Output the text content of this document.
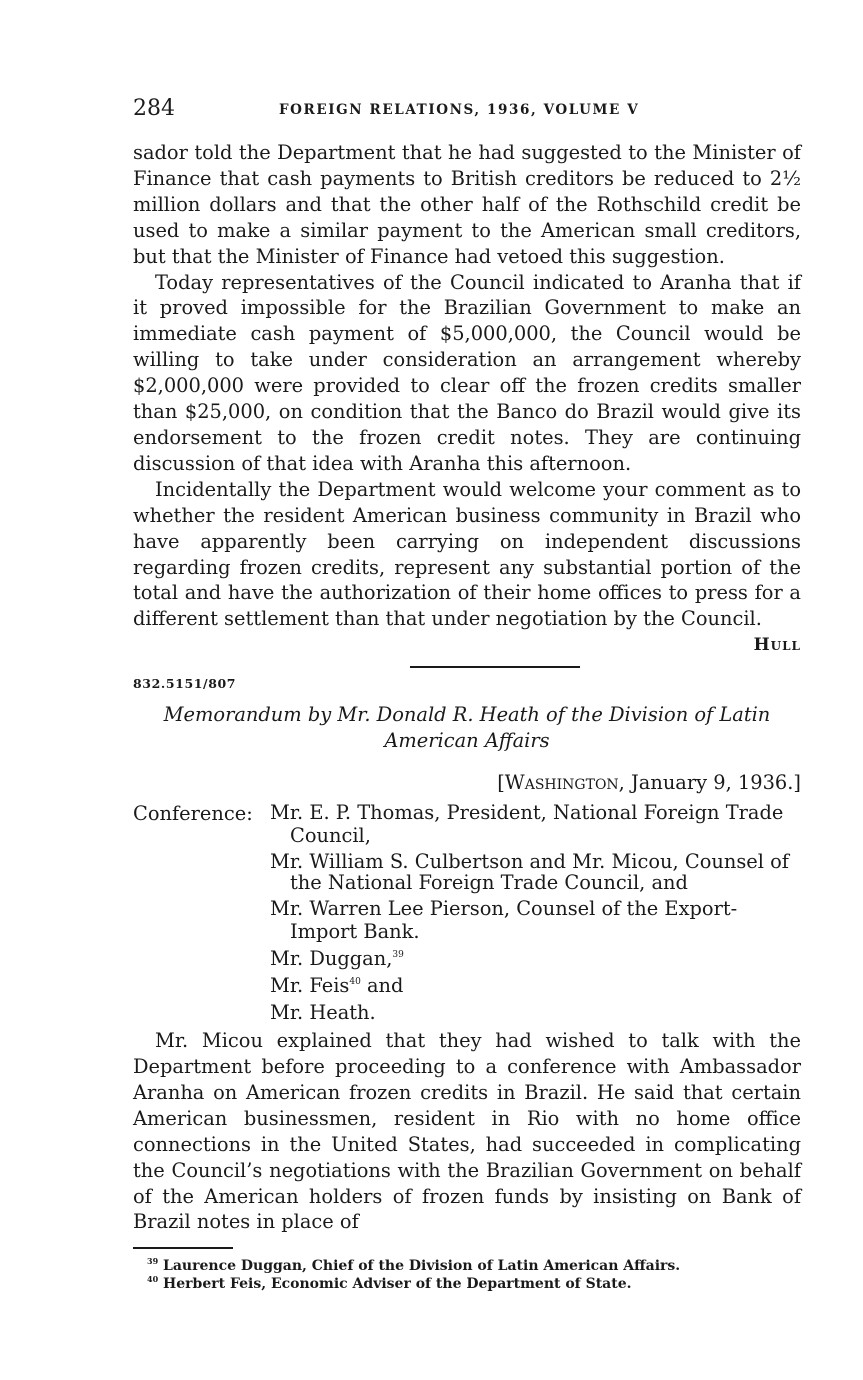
284	FOREIGN RELATIONS, 1936, VOLUME V

sador told the Department that he had suggested to the Minister of Finance that cash payments to British creditors be reduced to 2½ million dollars and that the other half of the Rothschild credit be used to make a similar payment to the American small creditors, but that the Minister of Finance had vetoed this suggestion.

Today representatives of the Council indicated to Aranha that if it proved impossible for the Brazilian Government to make an immediate cash payment of $5,000,000, the Council would be willing to take under consideration an arrangement whereby $2,000,000 were provided to clear off the frozen credits smaller than $25,000, on condition that the Banco do Brazil would give its endorsement to the frozen credit notes. They are continuing discussion of that idea with Aranha this afternoon.

Incidentally the Department would welcome your comment as to whether the resident American business community in Brazil who have apparently been carrying on independent discussions regarding frozen credits, represent any substantial portion of the total and have the authorization of their home offices to press for a different settlement than that under negotiation by the Council.

Hull
832.5151/807
Memorandum by Mr. Donald R. Heath of the Division of Latin American Affairs
[Washington, January 9, 1936.]
Conference: Mr. E. P. Thomas, President, National Foreign Trade Council,
Mr. William S. Culbertson and Mr. Micou, Counsel of the National Foreign Trade Council, and
Mr. Warren Lee Pierson, Counsel of the Export-Import Bank.
Mr. Duggan,$^{39}$
Mr. Feis$^{40}$ and
Mr. Heath.

Mr. Micou explained that they had wished to talk with the Department before proceeding to a conference with Ambassador Aranha on American frozen credits in Brazil. He said that certain American businessmen, resident in Rio with no home office connections in the United States, had succeeded in complicating the Council’s negotiations with the Brazilian Government on behalf of the American holders of frozen funds by insisting on Bank of Brazil notes in place of

$^{39}$ Laurence Duggan, Chief of the Division of Latin American Affairs.
$^{40}$ Herbert Feis, Economic Adviser of the Department of State.
